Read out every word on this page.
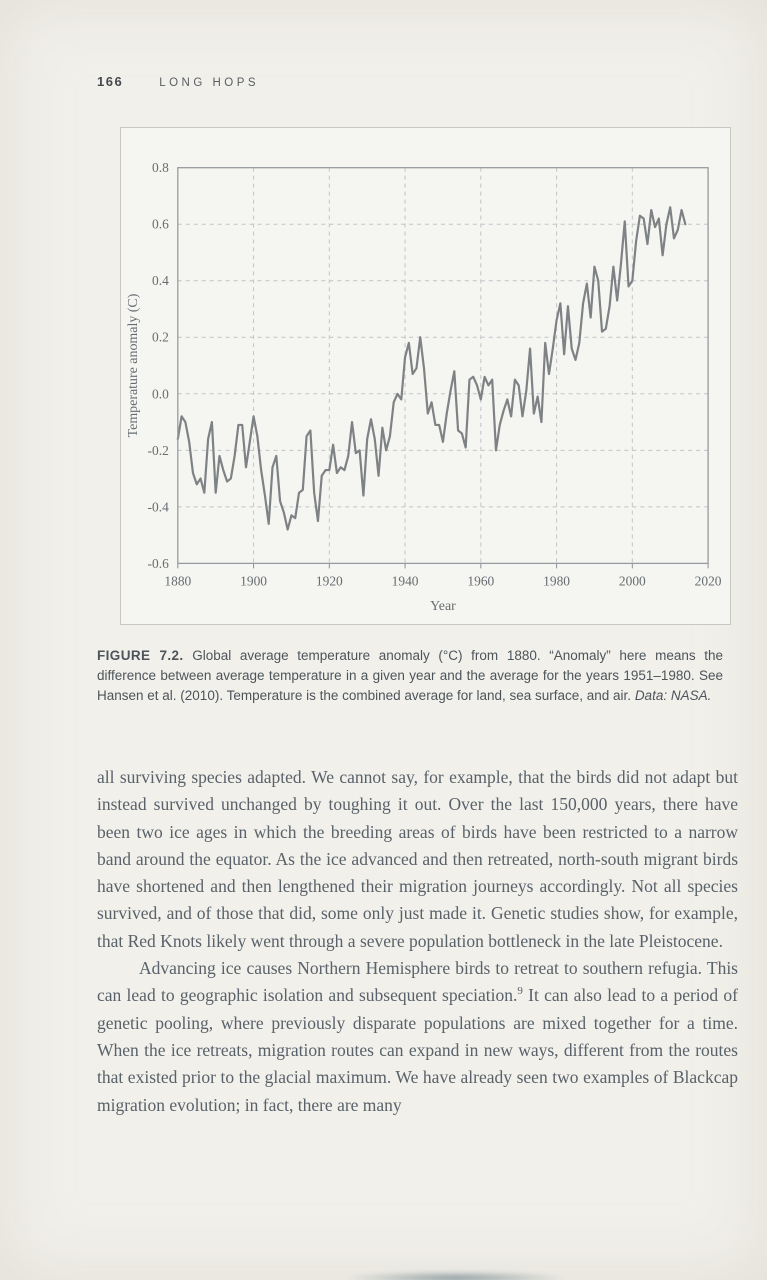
166	LONG HOPS
-0.6
-0.4
-0.2
0.0
0.2
0.4
0.6
0.8
1880	1900	1920	1940	1960	1980	2000	2020
Year
Temperature anomaly (C)

FIGURE 7.2. Global average temperature anomaly (°C) from 1880. “Anomaly” here means the difference between average temperature in a given year and the average for the years 1951–1980. See Hansen et al. (2010). Temperature is the combined average for land, sea surface, and air. Data: NASA.

all surviving species adapted. We cannot say, for example, that the birds did not adapt but instead survived unchanged by toughing it out. Over the last 150,000 years, there have been two ice ages in which the breeding areas of birds have been restricted to a narrow band around the equator. As the ice advanced and then retreated, north-south migrant birds have shortened and then lengthened their migration journeys accordingly. Not all species survived, and of those that did, some only just made it. Genetic studies show, for example, that Red Knots likely went through a severe population bottleneck in the late Pleistocene.

Advancing ice causes Northern Hemisphere birds to retreat to southern refugia. This can lead to geographic isolation and subsequent speciation.$^9$ It can also lead to a period of genetic pooling, where previously disparate populations are mixed together for a time. When the ice retreats, migration routes can expand in new ways, different from the routes that existed prior to the glacial maximum. We have already seen two examples of Blackcap migration evolution; in fact, there are many
